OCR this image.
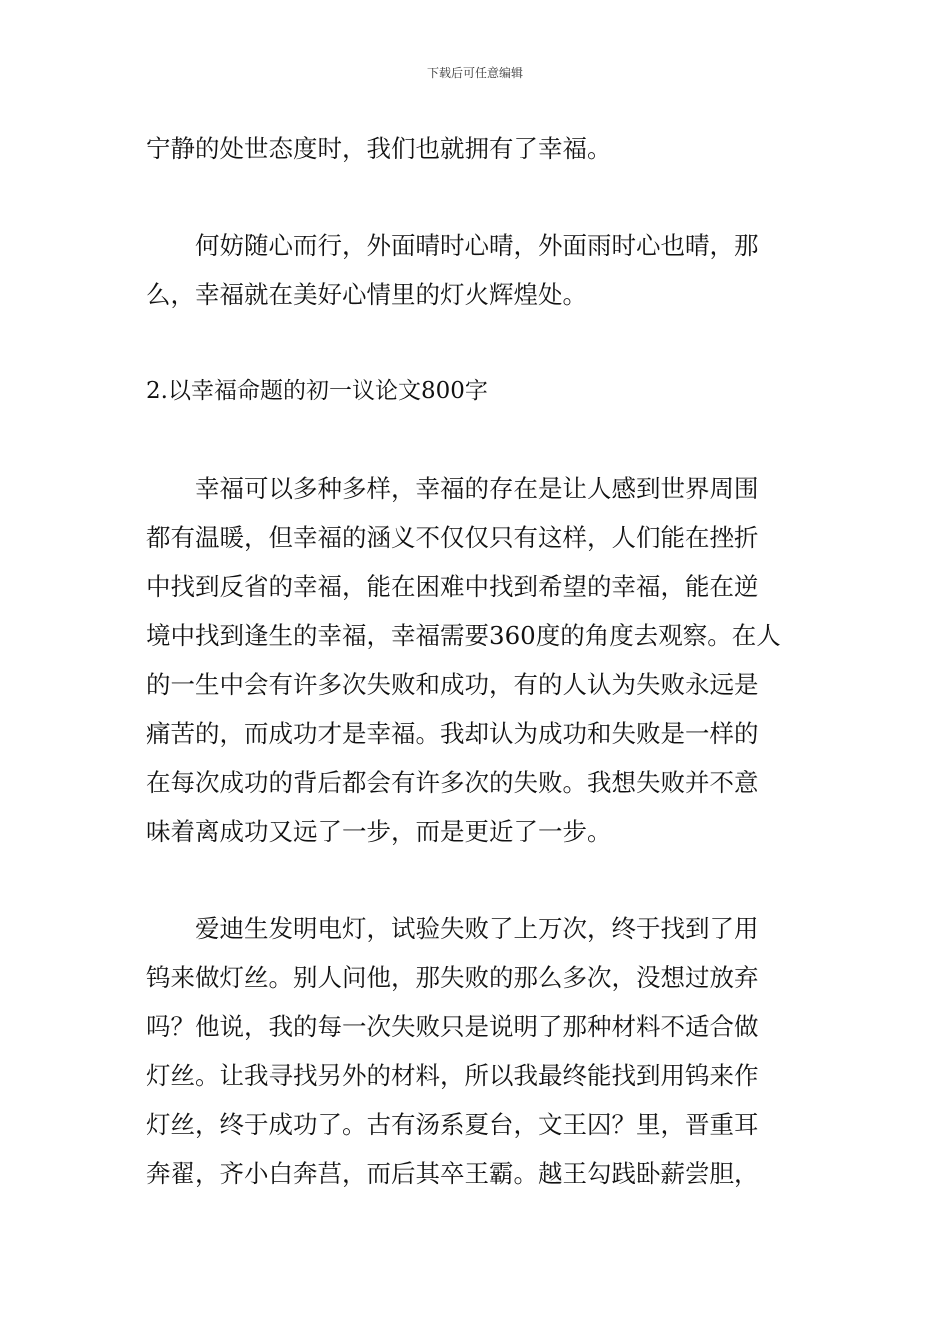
下载后可任意编辑
宁静的处世态度时，我们也就拥有了幸福。
何妨随心而行，外面晴时心晴，外面雨时心也晴，那
么，幸福就在美好心情里的灯火辉煌处。
2.以幸福命题的初一议论文800字
幸福可以多种多样，幸福的存在是让人感到世界周围
都有温暖，但幸福的涵义不仅仅只有这样，人们能在挫折
中找到反省的幸福，能在困难中找到希望的幸福，能在逆
境中找到逢生的幸福，幸福需要360度的角度去观察。在人
的一生中会有许多次失败和成功，有的人认为失败永远是
痛苦的，而成功才是幸福。我却认为成功和失败是一样的
在每次成功的背后都会有许多次的失败。我想失败并不意
味着离成功又远了一步，而是更近了一步。
爱迪生发明电灯，试验失败了上万次，终于找到了用
钨来做灯丝。别人问他，那失败的那么多次，没想过放弃
吗？他说，我的每一次失败只是说明了那种材料不适合做
灯丝。让我寻找另外的材料，所以我最终能找到用钨来作
灯丝，终于成功了。古有汤系夏台，文王囚？里，晋重耳
奔翟，齐小白奔莒，而后其卒王霸。越王勾践卧薪尝胆，
